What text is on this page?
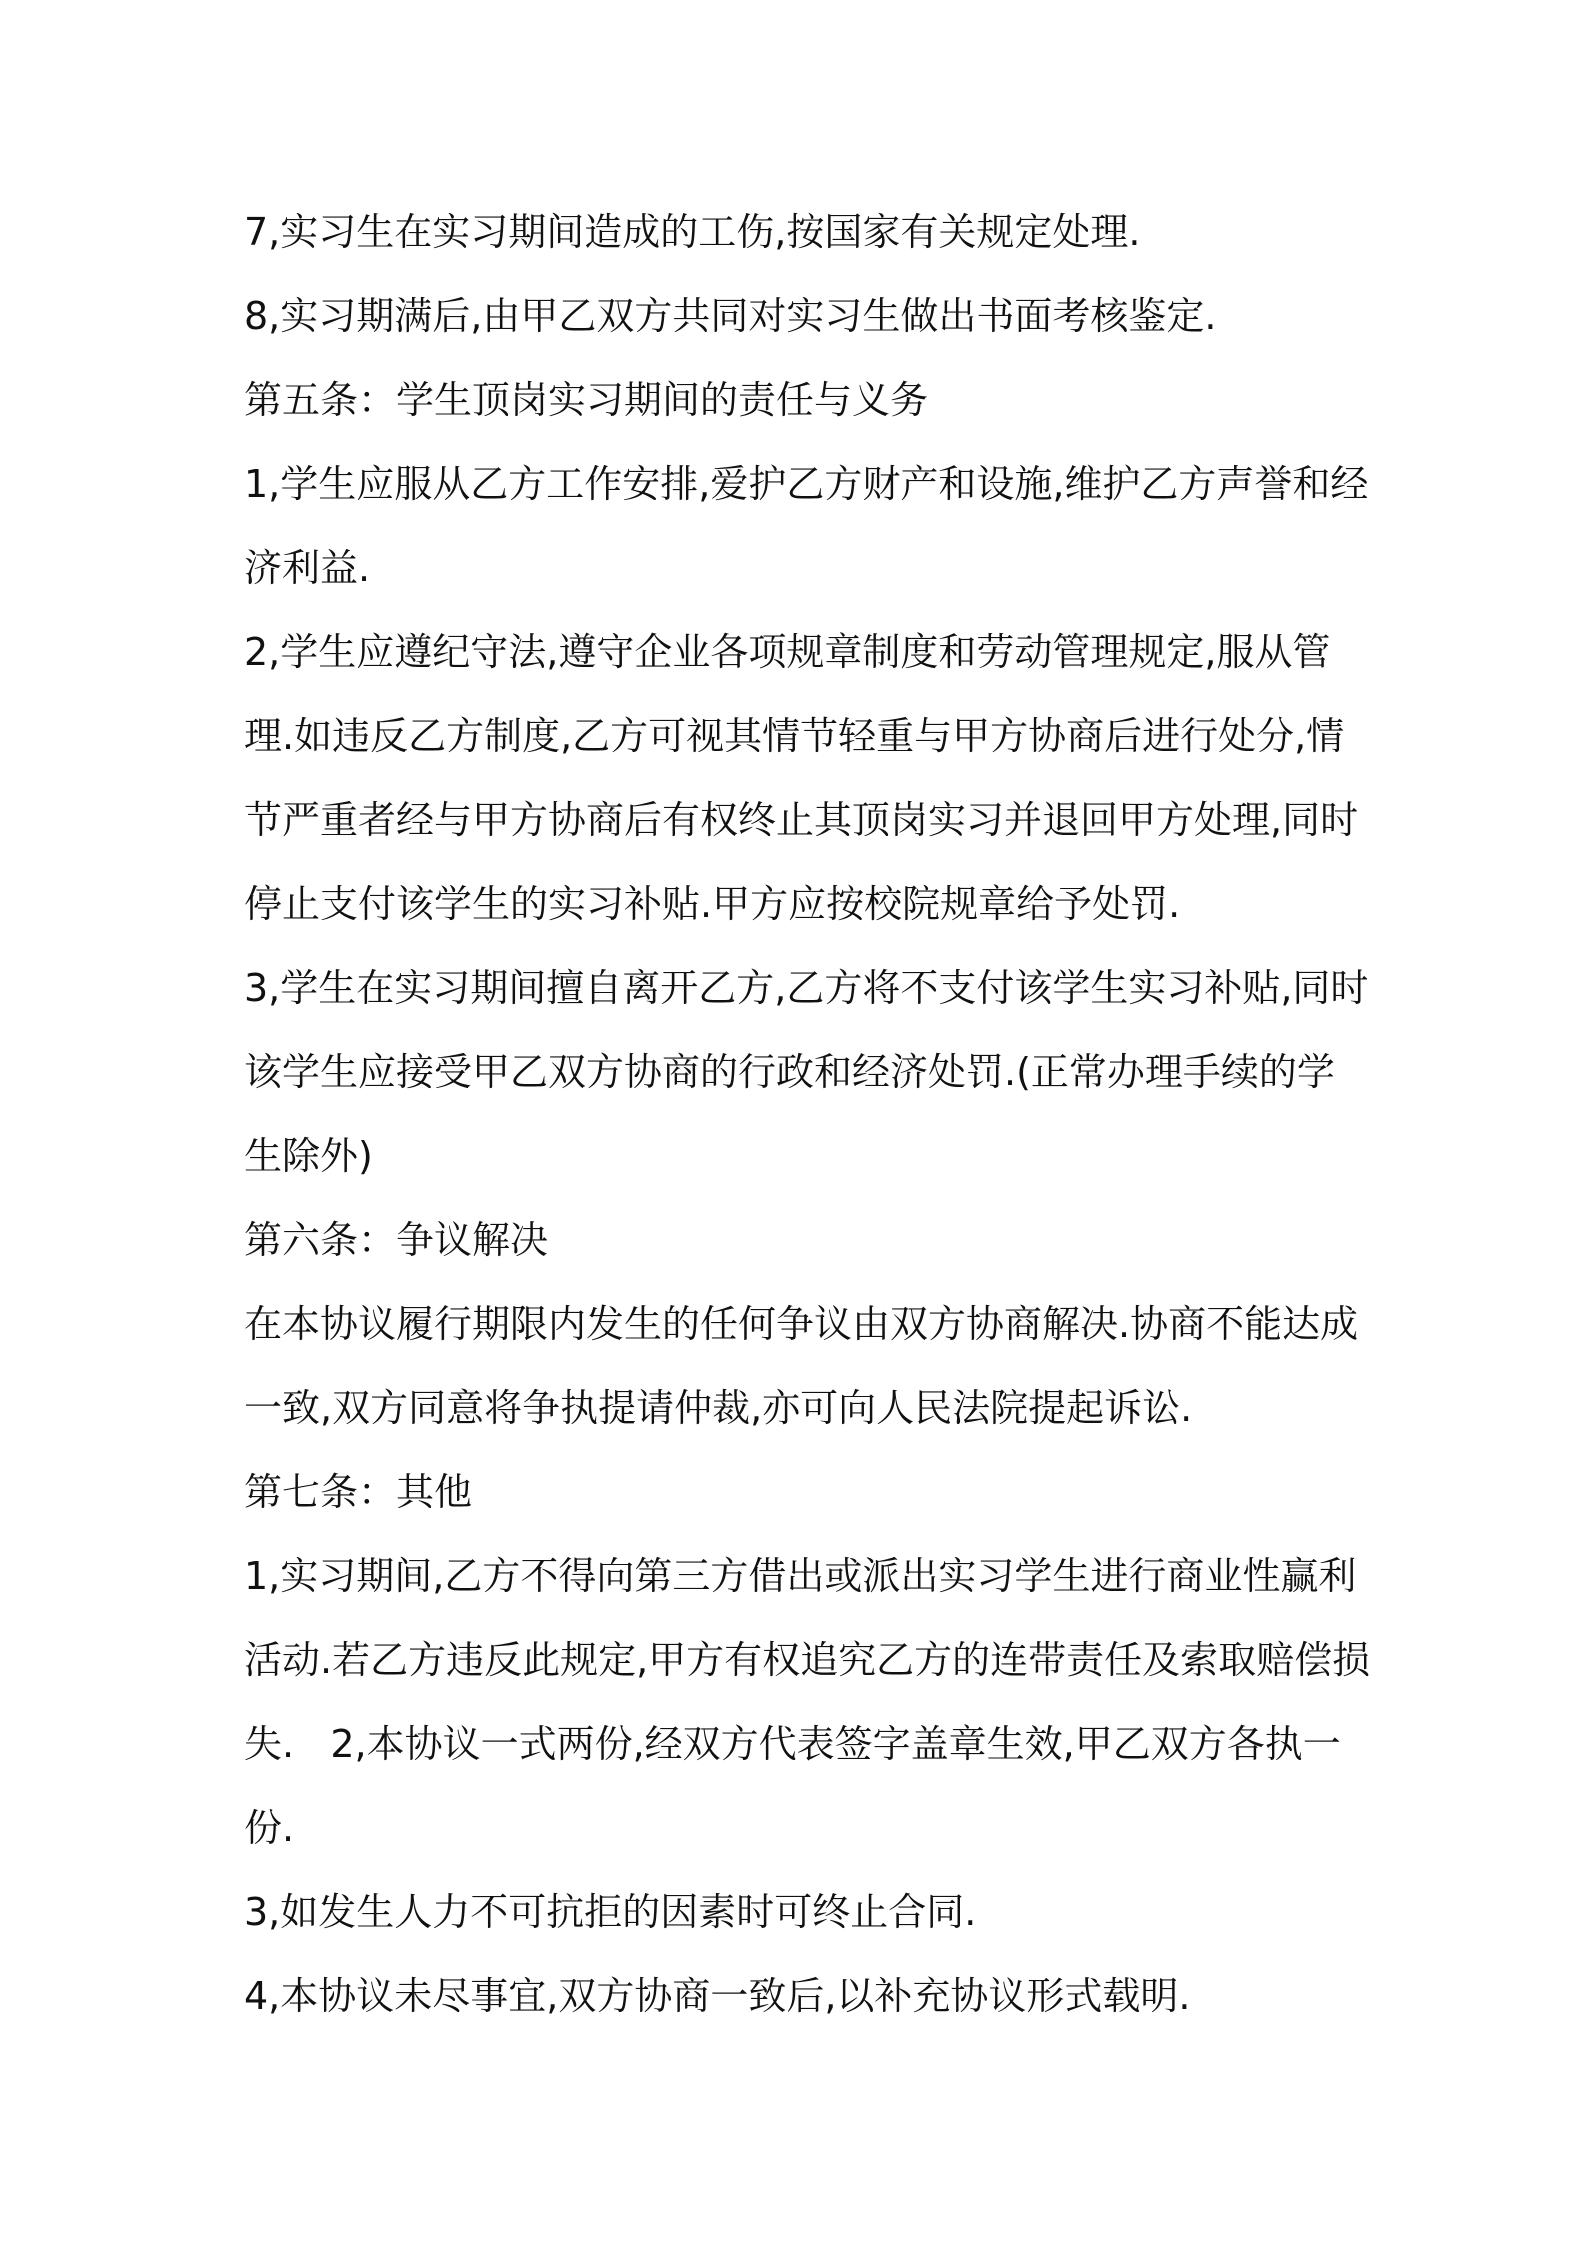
7,实习生在实习期间造成的工伤,按国家有关规定处理.
8,实习期满后,由甲乙双方共同对实习生做出书面考核鉴定.
第五条：学生顶岗实习期间的责任与义务
1,学生应服从乙方工作安排,爱护乙方财产和设施,维护乙方声誉和经
济利益.
2,学生应遵纪守法,遵守企业各项规章制度和劳动管理规定,服从管
理.如违反乙方制度,乙方可视其情节轻重与甲方协商后进行处分,情
节严重者经与甲方协商后有权终止其顶岗实习并退回甲方处理,同时
停止支付该学生的实习补贴.甲方应按校院规章给予处罚.
3,学生在实习期间擅自离开乙方,乙方将不支付该学生实习补贴,同时
该学生应接受甲乙双方协商的行政和经济处罚.(正常办理手续的学
生除外)
第六条：争议解决
在本协议履行期限内发生的任何争议由双方协商解决.协商不能达成
一致,双方同意将争执提请仲裁,亦可向人民法院提起诉讼.
第七条：其他
1,实习期间,乙方不得向第三方借出或派出实习学生进行商业性赢利
活动.若乙方违反此规定,甲方有权追究乙方的连带责任及索取赔偿损
失.   2,本协议一式两份,经双方代表签字盖章生效,甲乙双方各执一
份.
3,如发生人力不可抗拒的因素时可终止合同.
4,本协议未尽事宜,双方协商一致后,以补充协议形式载明.
